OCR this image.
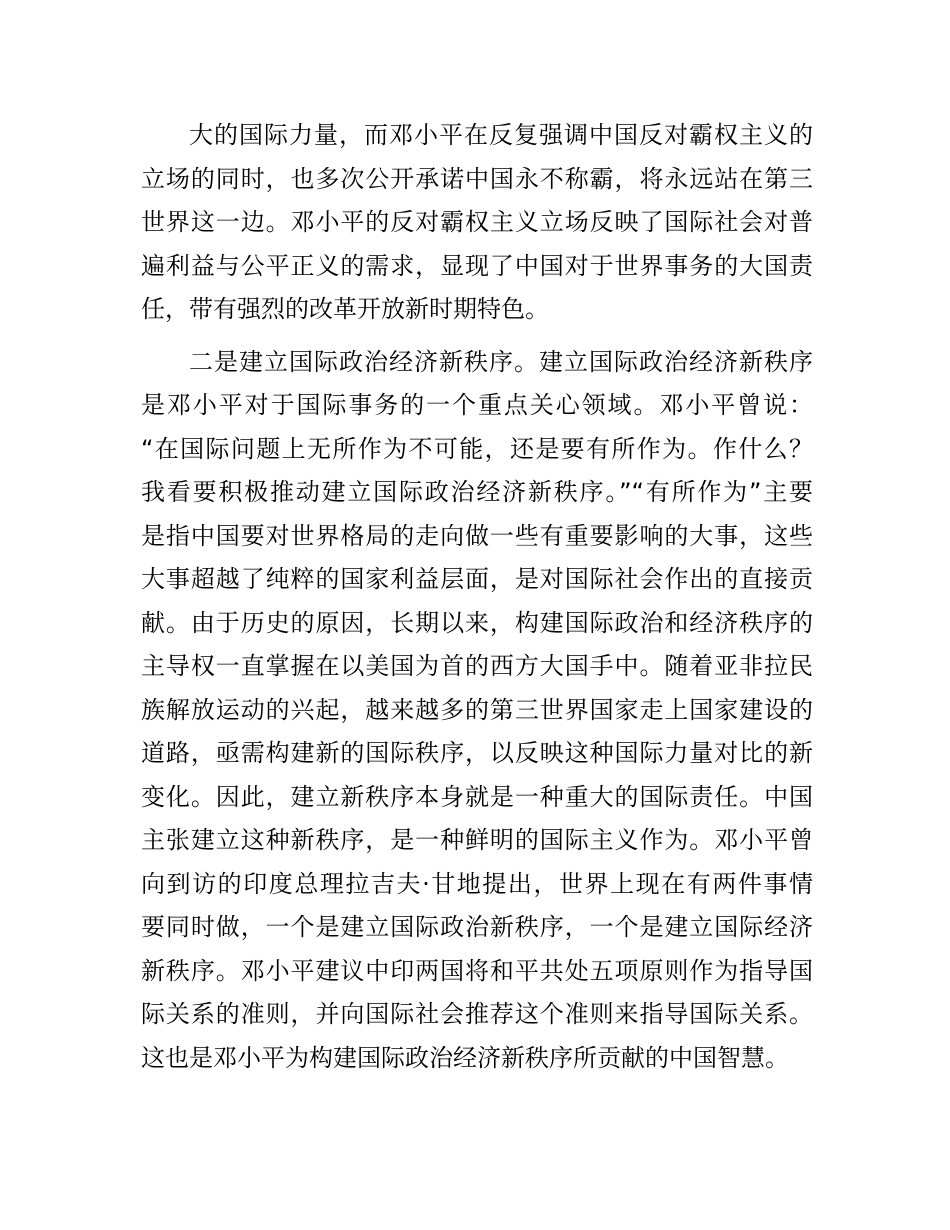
大的国际力量，而邓小平在反复强调中国反对霸权主义的
立场的同时，也多次公开承诺中国永不称霸，将永远站在第三
世界这一边。邓小平的反对霸权主义立场反映了国际社会对普
遍利益与公平正义的需求，显现了中国对于世界事务的大国责
任，带有强烈的改革开放新时期特色。
二是建立国际政治经济新秩序。建立国际政治经济新秩序
是邓小平对于国际事务的一个重点关心领域。邓小平曾说：
“在国际问题上无所作为不可能，还是要有所作为。作什么？
我看要积极推动建立国际政治经济新秩序。”“有所作为”主要
是指中国要对世界格局的走向做一些有重要影响的大事，这些
大事超越了纯粹的国家利益层面，是对国际社会作出的直接贡
献。由于历史的原因，长期以来，构建国际政治和经济秩序的
主导权一直掌握在以美国为首的西方大国手中。随着亚非拉民
族解放运动的兴起，越来越多的第三世界国家走上国家建设的
道路，亟需构建新的国际秩序，以反映这种国际力量对比的新
变化。因此，建立新秩序本身就是一种重大的国际责任。中国
主张建立这种新秩序，是一种鲜明的国际主义作为。邓小平曾
向到访的印度总理拉吉夫·甘地提出，世界上现在有两件事情
要同时做，一个是建立国际政治新秩序，一个是建立国际经济
新秩序。邓小平建议中印两国将和平共处五项原则作为指导国
际关系的准则，并向国际社会推荐这个准则来指导国际关系。
这也是邓小平为构建国际政治经济新秩序所贡献的中国智慧。
